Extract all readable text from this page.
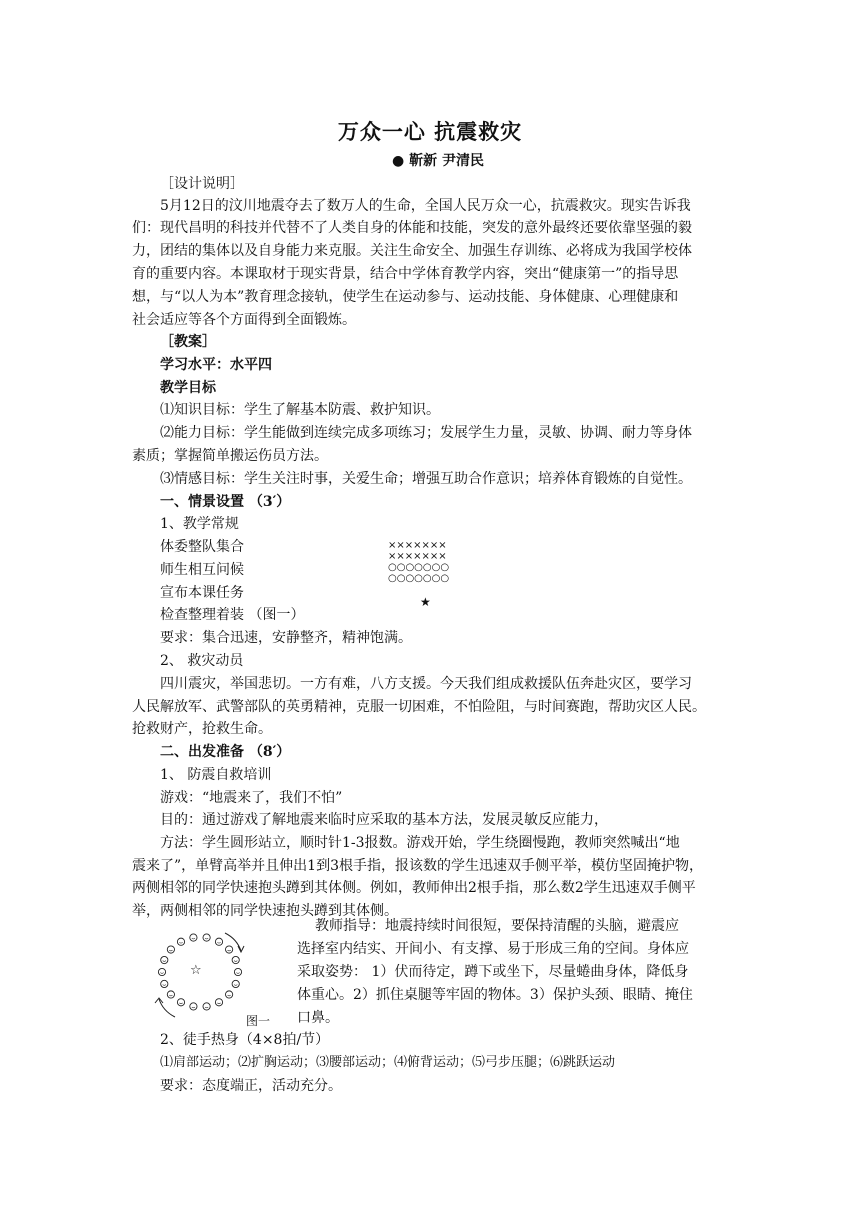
万众一心 抗震救灾
● 靳新 尹清民
［设计说明］
5月12日的汶川地震夺去了数万人的生命，全国人民万众一心，抗震救灾。现实告诉我
们：现代昌明的科技并代替不了人类自身的体能和技能，突发的意外最终还要依靠坚强的毅
力，团结的集体以及自身能力来克服。关注生命安全、加强生存训练、必将成为我国学校体
育的重要内容。本课取材于现实背景，结合中学体育教学内容，突出“健康第一”的指导思
想，与“以人为本”教育理念接轨，使学生在运动参与、运动技能、身体健康、心理健康和
社会适应等各个方面得到全面锻炼。
［教案］
学习水平：水平四
教学目标
⑴知识目标：学生了解基本防震、救护知识。
⑵能力目标：学生能做到连续完成多项练习；发展学生力量，灵敏、协调、耐力等身体
素质；掌握简单搬运伤员方法。
⑶情感目标：学生关注时事，关爱生命；增强互助合作意识；培养体育锻炼的自觉性。
一、情景设置 （3′）
1、教学常规
体委整队集合
师生相互问候
宣布本课任务
检查整理着装 （图一）
×××××××
×××××××
○○○○○○○
○○○○○○○
★
要求：集合迅速，安静整齐，精神饱满。
2、 救灾动员
四川震灾，举国悲切。一方有难，八方支援。今天我们组成救援队伍奔赴灾区，要学习
人民解放军、武警部队的英勇精神，克服一切困难，不怕险阻，与时间赛跑，帮助灾区人民。
抢救财产，抢救生命。
二、出发准备 （8′）
1、 防震自救培训
游戏：“地震来了，我们不怕”
目的：通过游戏了解地震来临时应采取的基本方法，发展灵敏反应能力，
方法：学生圆形站立，顺时针1-3报数。游戏开始，学生绕圈慢跑，教师突然喊出“地
震来了”，单臂高举并且伸出1到3根手指，报该数的学生迅速双手侧平举，模仿坚固掩护物，
两侧相邻的同学快速抱头蹲到其体侧。例如，教师伸出2根手指，那么数2学生迅速双手侧平
举，两侧相邻的同学快速抱头蹲到其体侧。
☆
图一
教师指导：地震持续时间很短，要保持清醒的头脑，避震应
选择室内结实、开间小、有支撑、易于形成三角的空间。身体应
采取姿势： 1）伏而待定，蹲下或坐下，尽量蜷曲身体，降低身
体重心。2）抓住桌腿等牢固的物体。3）保护头颈、眼睛、掩住
口鼻。
2、徒手热身（4×8拍/节）
⑴肩部运动；⑵扩胸运动；⑶腰部运动；⑷俯背运动；⑸弓步压腿；⑹跳跃运动
要求：态度端正，活动充分。
